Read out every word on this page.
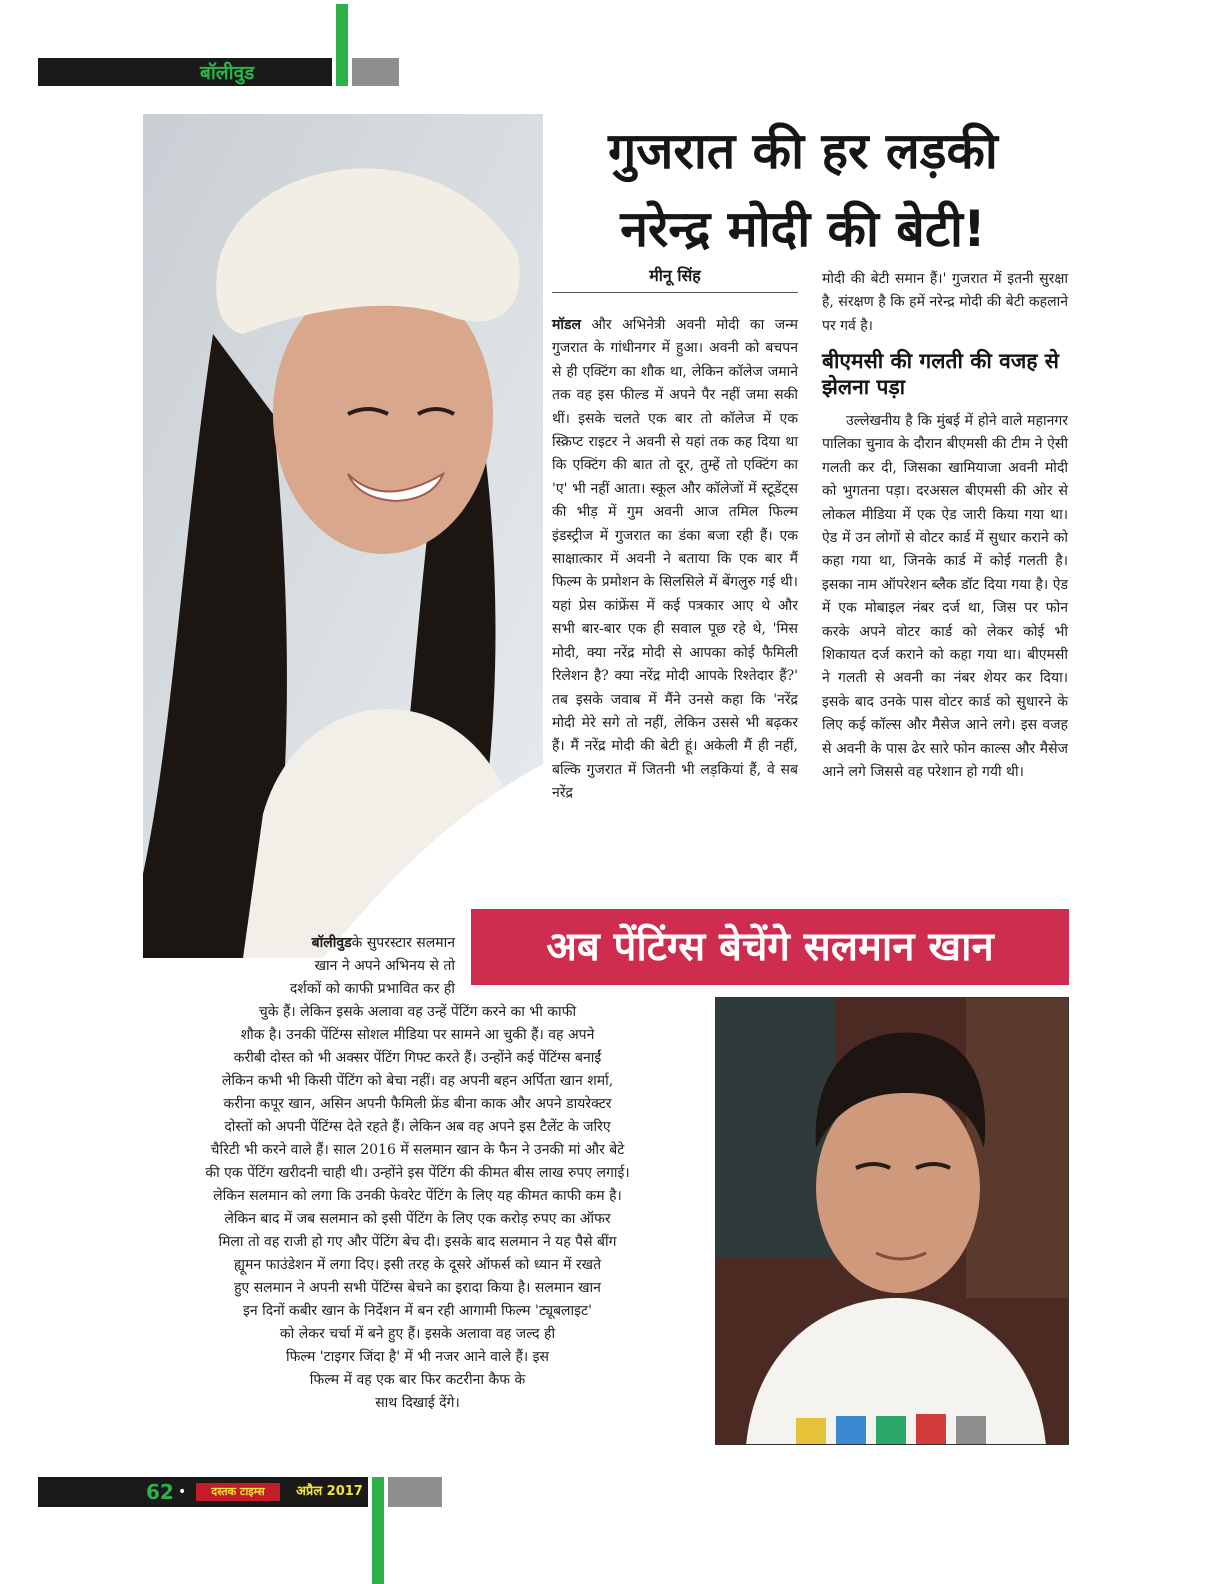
बॉलीवुड
गुजरात की हर लड़की
नरेन्द्र मोदी की बेटी!
मीनू सिंह
मॉडल और अभिनेत्री अवनी मोदी का जन्म गुजरात के गांधीनगर में हुआ। अवनी को बचपन से ही एक्टिंग का शौक था, लेकिन कॉलेज जमाने तक वह इस फील्ड में अपने पैर नहीं जमा सकी थीं। इसके चलते एक बार तो कॉलेज में एक स्क्रिप्ट राइटर ने अवनी से यहां तक कह दिया था कि एक्टिंग की बात तो दूर, तुम्हें तो एक्टिंग का 'ए' भी नहीं आता। स्कूल और कॉलेजों में स्टूडेंट्स की भीड़ में गुम अवनी आज तमिल फिल्म इंडस्ट्रीज में गुजरात का डंका बजा रही हैं। एक साक्षात्कार में अवनी ने बताया कि एक बार मैं फिल्म के प्रमोशन के सिलसिले में बेंगलुरु गई थी। यहां प्रेस कांफ्रेंस में कई पत्रकार आए थे और सभी बार-बार एक ही सवाल पूछ रहे थे, 'मिस मोदी, क्या नरेंद्र मोदी से आपका कोई फैमिली रिलेशन है? क्या नरेंद्र मोदी आपके रिश्तेदार हैं?' तब इसके जवाब में मैंने उनसे कहा कि 'नरेंद्र मोदी मेरे सगे तो नहीं, लेकिन उससे भी बढ़कर हैं। मैं नरेंद्र मोदी की बेटी हूं। अकेली मैं ही नहीं, बल्कि गुजरात में जितनी भी लड़कियां हैं, वे सब नरेंद्र
मोदी की बेटी समान हैं।' गुजरात में इतनी सुरक्षा है, संरक्षण है कि हमें नरेन्द्र मोदी की बेटी कहलाने पर गर्व है।
बीएमसी की गलती की वजह से झेलना पड़ा
उल्लेखनीय है कि मुंबई में होने वाले महानगर पालिका चुनाव के दौरान बीएमसी की टीम ने ऐसी गलती कर दी, जिसका खामियाजा अवनी मोदी को भुगतना पड़ा। दरअसल बीएमसी की ओर से लोकल मीडिया में एक ऐड जारी किया गया था। ऐड में उन लोगों से वोटर कार्ड में सुधार कराने को कहा गया था, जिनके कार्ड में कोई गलती है। इसका नाम ऑपरेशन ब्लैक डॉट दिया गया है। ऐड में एक मोबाइल नंबर दर्ज था, जिस पर फोन करके अपने वोटर कार्ड को लेकर कोई भी शिकायत दर्ज कराने को कहा गया था। बीएमसी ने गलती से अवनी का नंबर शेयर कर दिया। इसके बाद उनके पास वोटर कार्ड को सुधारने के लिए कई कॉल्स और मैसेज आने लगे। इस वजह से अवनी के पास ढेर सारे फोन काल्स और मैसेज आने लगे जिससे वह परेशान हो गयी थी।
अब पेंटिंग्स बेचेंगे सलमान खान

बॉलीवुडके सुपरस्टार सलमान

खान ने अपने अभिनय से तो

दर्शकों को काफी प्रभावित कर ही

चुके हैं। लेकिन इसके अलावा वह उन्हें पेंटिंग करने का भी काफी

शौक है। उनकी पेंटिंग्स सोशल मीडिया पर सामने आ चुकी हैं। वह अपने

करीबी दोस्त को भी अक्सर पेंटिंग गिफ्ट करते हैं। उन्होंने कई पेंटिंग्स बनाईं

लेकिन कभी भी किसी पेंटिंग को बेचा नहीं। वह अपनी बहन अर्पिता खान शर्मा,

करीना कपूर खान, असिन अपनी फैमिली फ्रेंड बीना काक और अपने डायरेक्टर

दोस्तों को अपनी पेंटिंग्स देते रहते हैं। लेकिन अब वह अपने इस टैलेंट के जरिए

चैरिटी भी करने वाले हैं। साल 2016 में सलमान खान के फैन ने उनकी मां और बेटे

की एक पेंटिंग खरीदनी चाही थी। उन्होंने इस पेंटिंग की कीमत बीस लाख रुपए लगाई।

लेकिन सलमान को लगा कि उनकी फेवरेट पेंटिंग के लिए यह कीमत काफी कम है।

लेकिन बाद में जब सलमान को इसी पेंटिंग के लिए एक करोड़ रुपए का ऑफर

मिला तो वह राजी हो गए और पेंटिंग बेच दी। इसके बाद सलमान ने यह पैसे बींग

ह्यूमन फाउंडेशन में लगा दिए। इसी तरह के दूसरे ऑफर्स को ध्यान में रखते

हुए सलमान ने अपनी सभी पेंटिंग्स बेचने का इरादा किया है। सलमान खान

इन दिनों कबीर खान के निर्देशन में बन रही आगामी फिल्म 'ट्यूबलाइट'

को लेकर चर्चा में बने हुए हैं। इसके अलावा वह जल्द ही

फिल्म 'टाइगर जिंदा है' में भी नजर आने वाले हैं। इस

फिल्म में वह एक बार फिर कटरीना कैफ के

साथ दिखाई देंगे।

62 •	दस्तक टाइम्स	अप्रैल 2017
